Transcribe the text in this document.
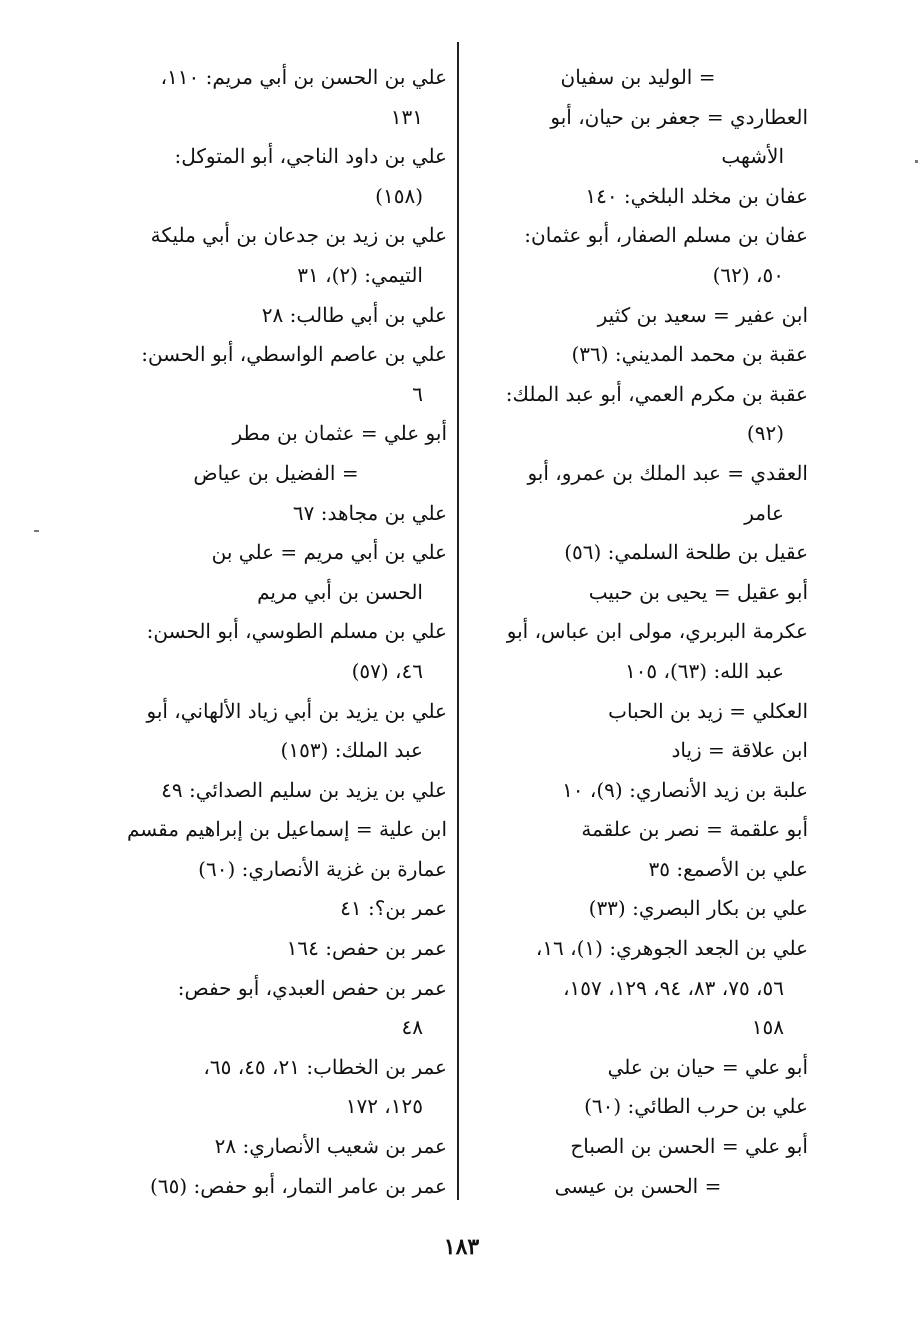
= الوليد بن سفيان
العطاردي = جعفر بن حيان، أبو
الأشهب
عفان بن مخلد البلخي: ١٤٠
عفان بن مسلم الصفار، أبو عثمان:
٥٠، (٦٢)
ابن عفير = سعيد بن كثير
عقبة بن محمد المديني: (٣٦)
عقبة بن مكرم العمي، أبو عبد الملك:
(٩٢)
العقدي = عبد الملك بن عمرو، أبو
عامر
عقيل بن طلحة السلمي: (٥٦)
أبو عقيل = يحيى بن حبيب
عكرمة البربري، مولى ابن عباس، أبو
عبد الله: (٦٣)، ١٠٥
العكلي = زيد بن الحباب
ابن علاقة = زياد
علبة بن زيد الأنصاري: (٩)، ١٠
أبو علقمة = نصر بن علقمة
علي بن الأصمع: ٣٥
علي بن بكار البصري: (٣٣)
علي بن الجعد الجوهري: (١)، ١٦،
٥٦، ٧٥، ٨٣، ٩٤، ١٢٩، ١٥٧،
١٥٨
أبو علي = حيان بن علي
علي بن حرب الطائي: (٦٠)
أبو علي = الحسن بن الصباح
= الحسن بن عيسى
علي بن الحسن بن أبي مريم: ١١٠،
١٣١
علي بن داود الناجي، أبو المتوكل:
(١٥٨)
علي بن زيد بن جدعان بن أبي مليكة
التيمي: (٢)، ٣١
علي بن أبي طالب: ٢٨
علي بن عاصم الواسطي، أبو الحسن:
٦
أبو علي = عثمان بن مطر
= الفضيل بن عياض
علي بن مجاهد: ٦٧
علي بن أبي مريم = علي بن
الحسن بن أبي مريم
علي بن مسلم الطوسي، أبو الحسن:
٤٦، (٥٧)
علي بن يزيد بن أبي زياد الألهاني، أبو
عبد الملك: (١٥٣)
علي بن يزيد بن سليم الصدائي: ٤٩
ابن علية = إسماعيل بن إبراهيم مقسم
عمارة بن غزية الأنصاري: (٦٠)
عمر بن؟: ٤١
عمر بن حفص: ١٦٤
عمر بن حفص العبدي، أبو حفص:
٤٨
عمر بن الخطاب: ٢١، ٤٥، ٦٥،
١٢٥، ١٧٢
عمر بن شعيب الأنصاري: ٢٨
عمر بن عامر التمار، أبو حفص: (٦٥)
١٨٣
